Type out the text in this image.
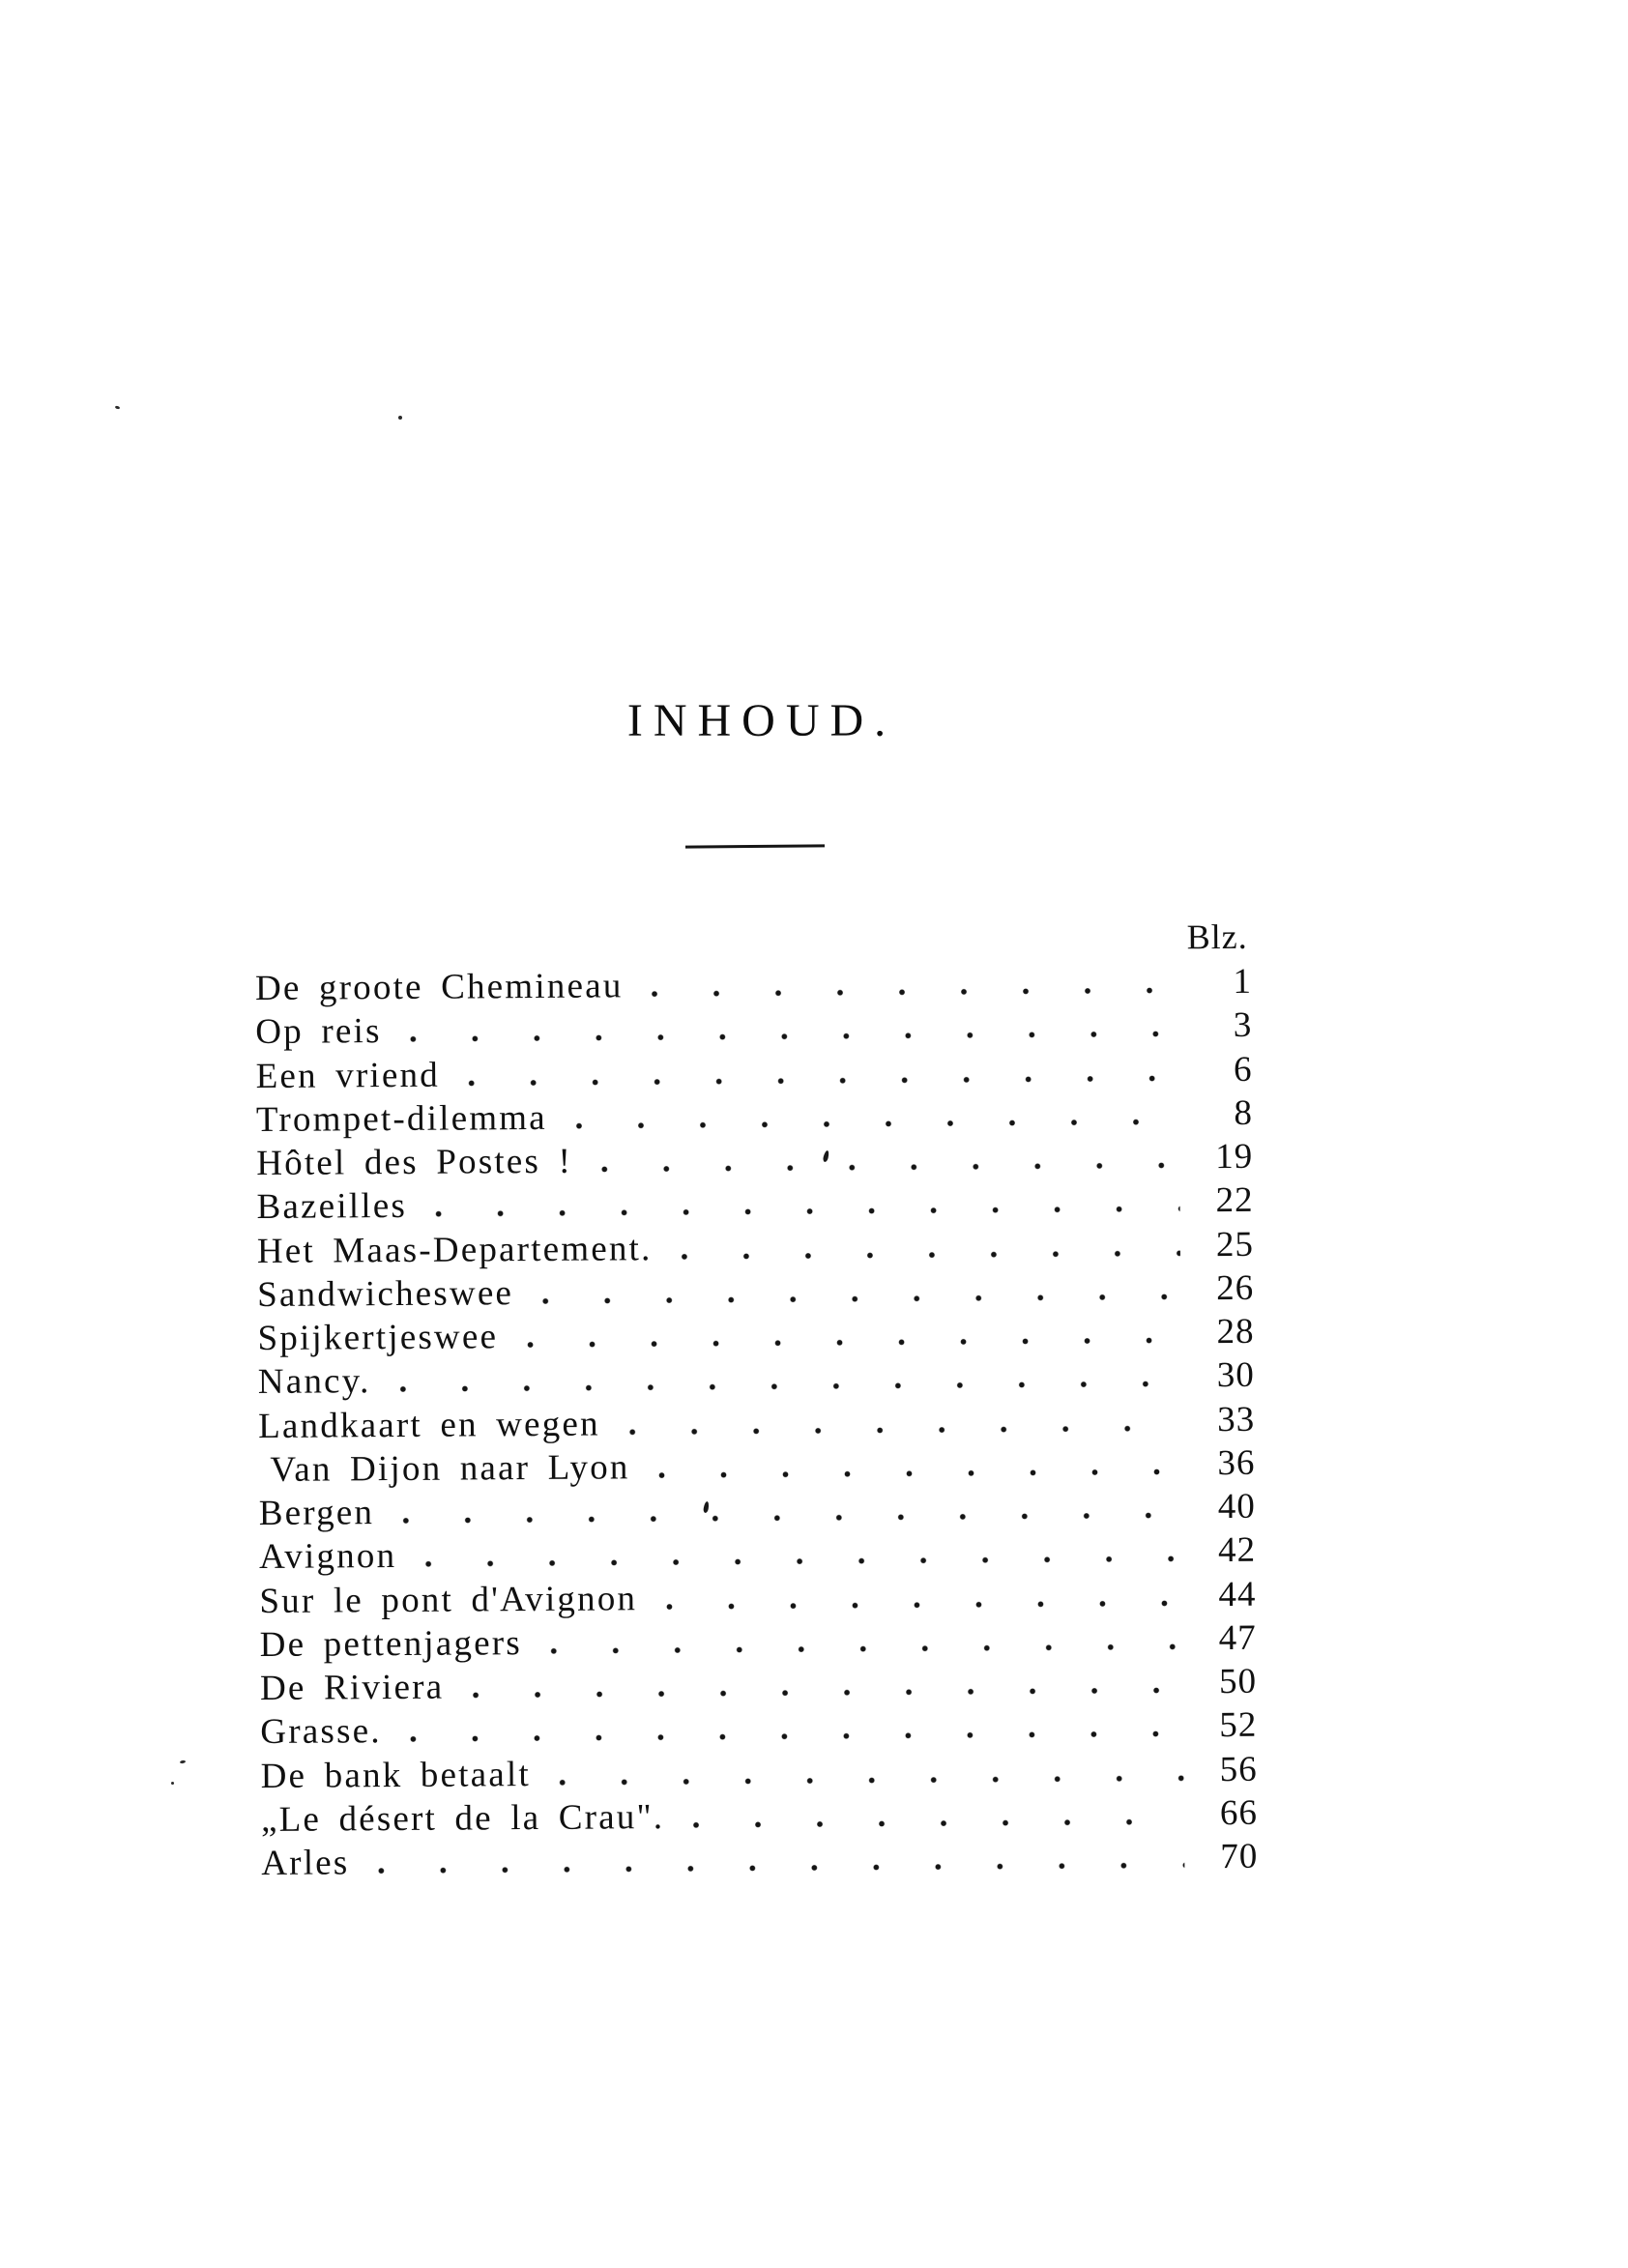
INHOUD.
Blz.
De groote Chemineau	1
Op reis	3
Een vriend	6
Trompet-dilemma	8
Hôtel des Postes !	19
Bazeilles	22
Het Maas-Departement.	25
Sandwicheswee	26
Spijkertjeswee	28
Nancy.	30
Landkaart en wegen	33
Van Dijon naar Lyon	36
Bergen	40
Avignon	42
Sur le pont d'Avignon	44
De pettenjagers	47
De Riviera	50
Grasse.	52
De bank betaalt	56
„Le désert de la Crau".	66
Arles	70
